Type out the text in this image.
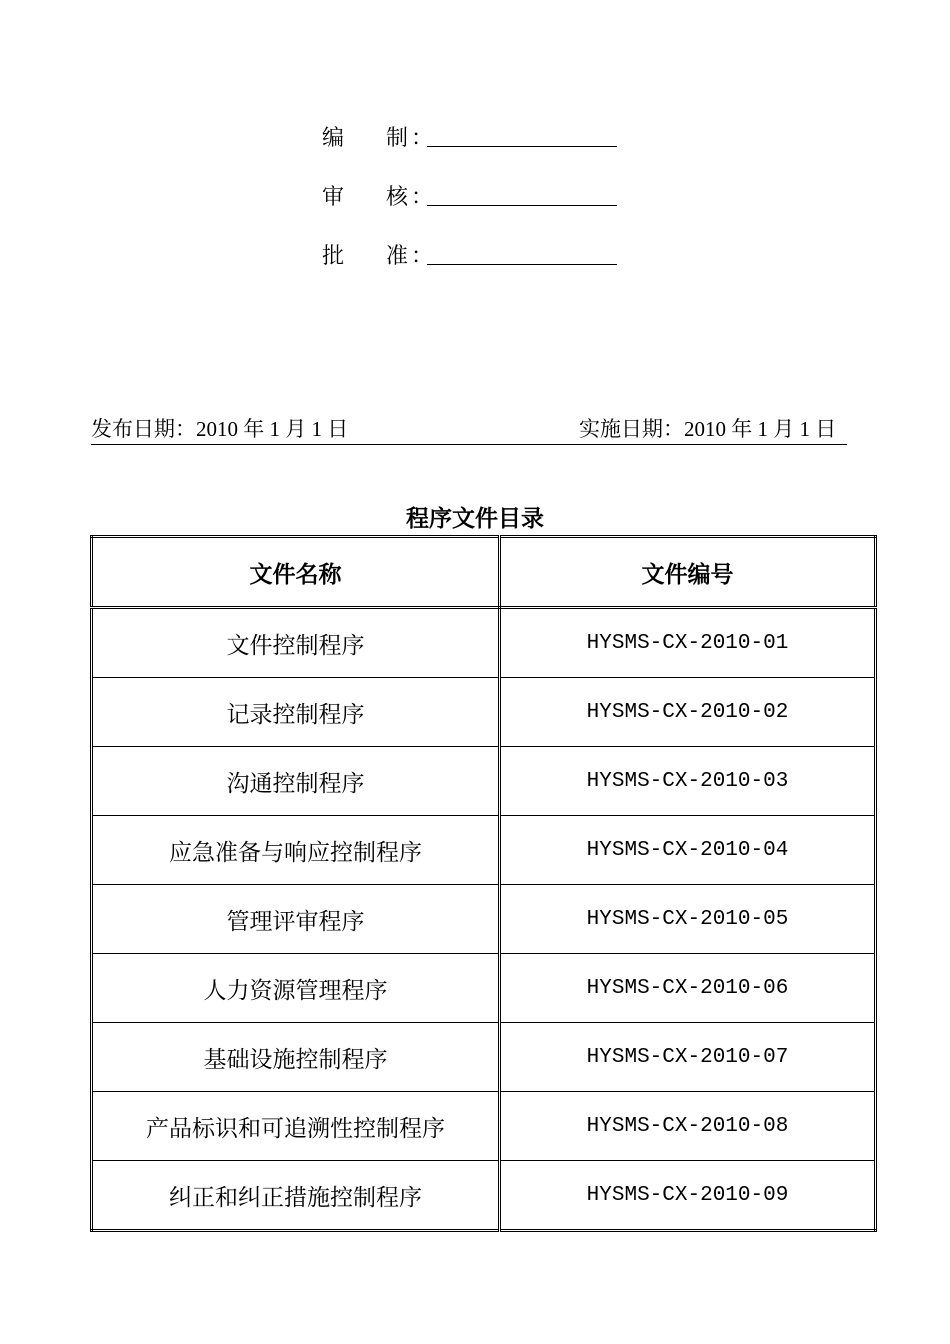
编	制 ：
审	核 ：
批	准 ：
发布日期：2010 年 1 月 1 日	实施日期：2010 年 1 月 1 日
程序文件目录
文件名称	文件编号
文件控制程序	HYSMS-CX-2010-01
记录控制程序	HYSMS-CX-2010-02
沟通控制程序	HYSMS-CX-2010-03
应急准备与响应控制程序	HYSMS-CX-2010-04
管理评审程序	HYSMS-CX-2010-05
人力资源管理程序	HYSMS-CX-2010-06
基础设施控制程序	HYSMS-CX-2010-07
产品标识和可追溯性控制程序	HYSMS-CX-2010-08
纠正和纠正措施控制程序	HYSMS-CX-2010-09
